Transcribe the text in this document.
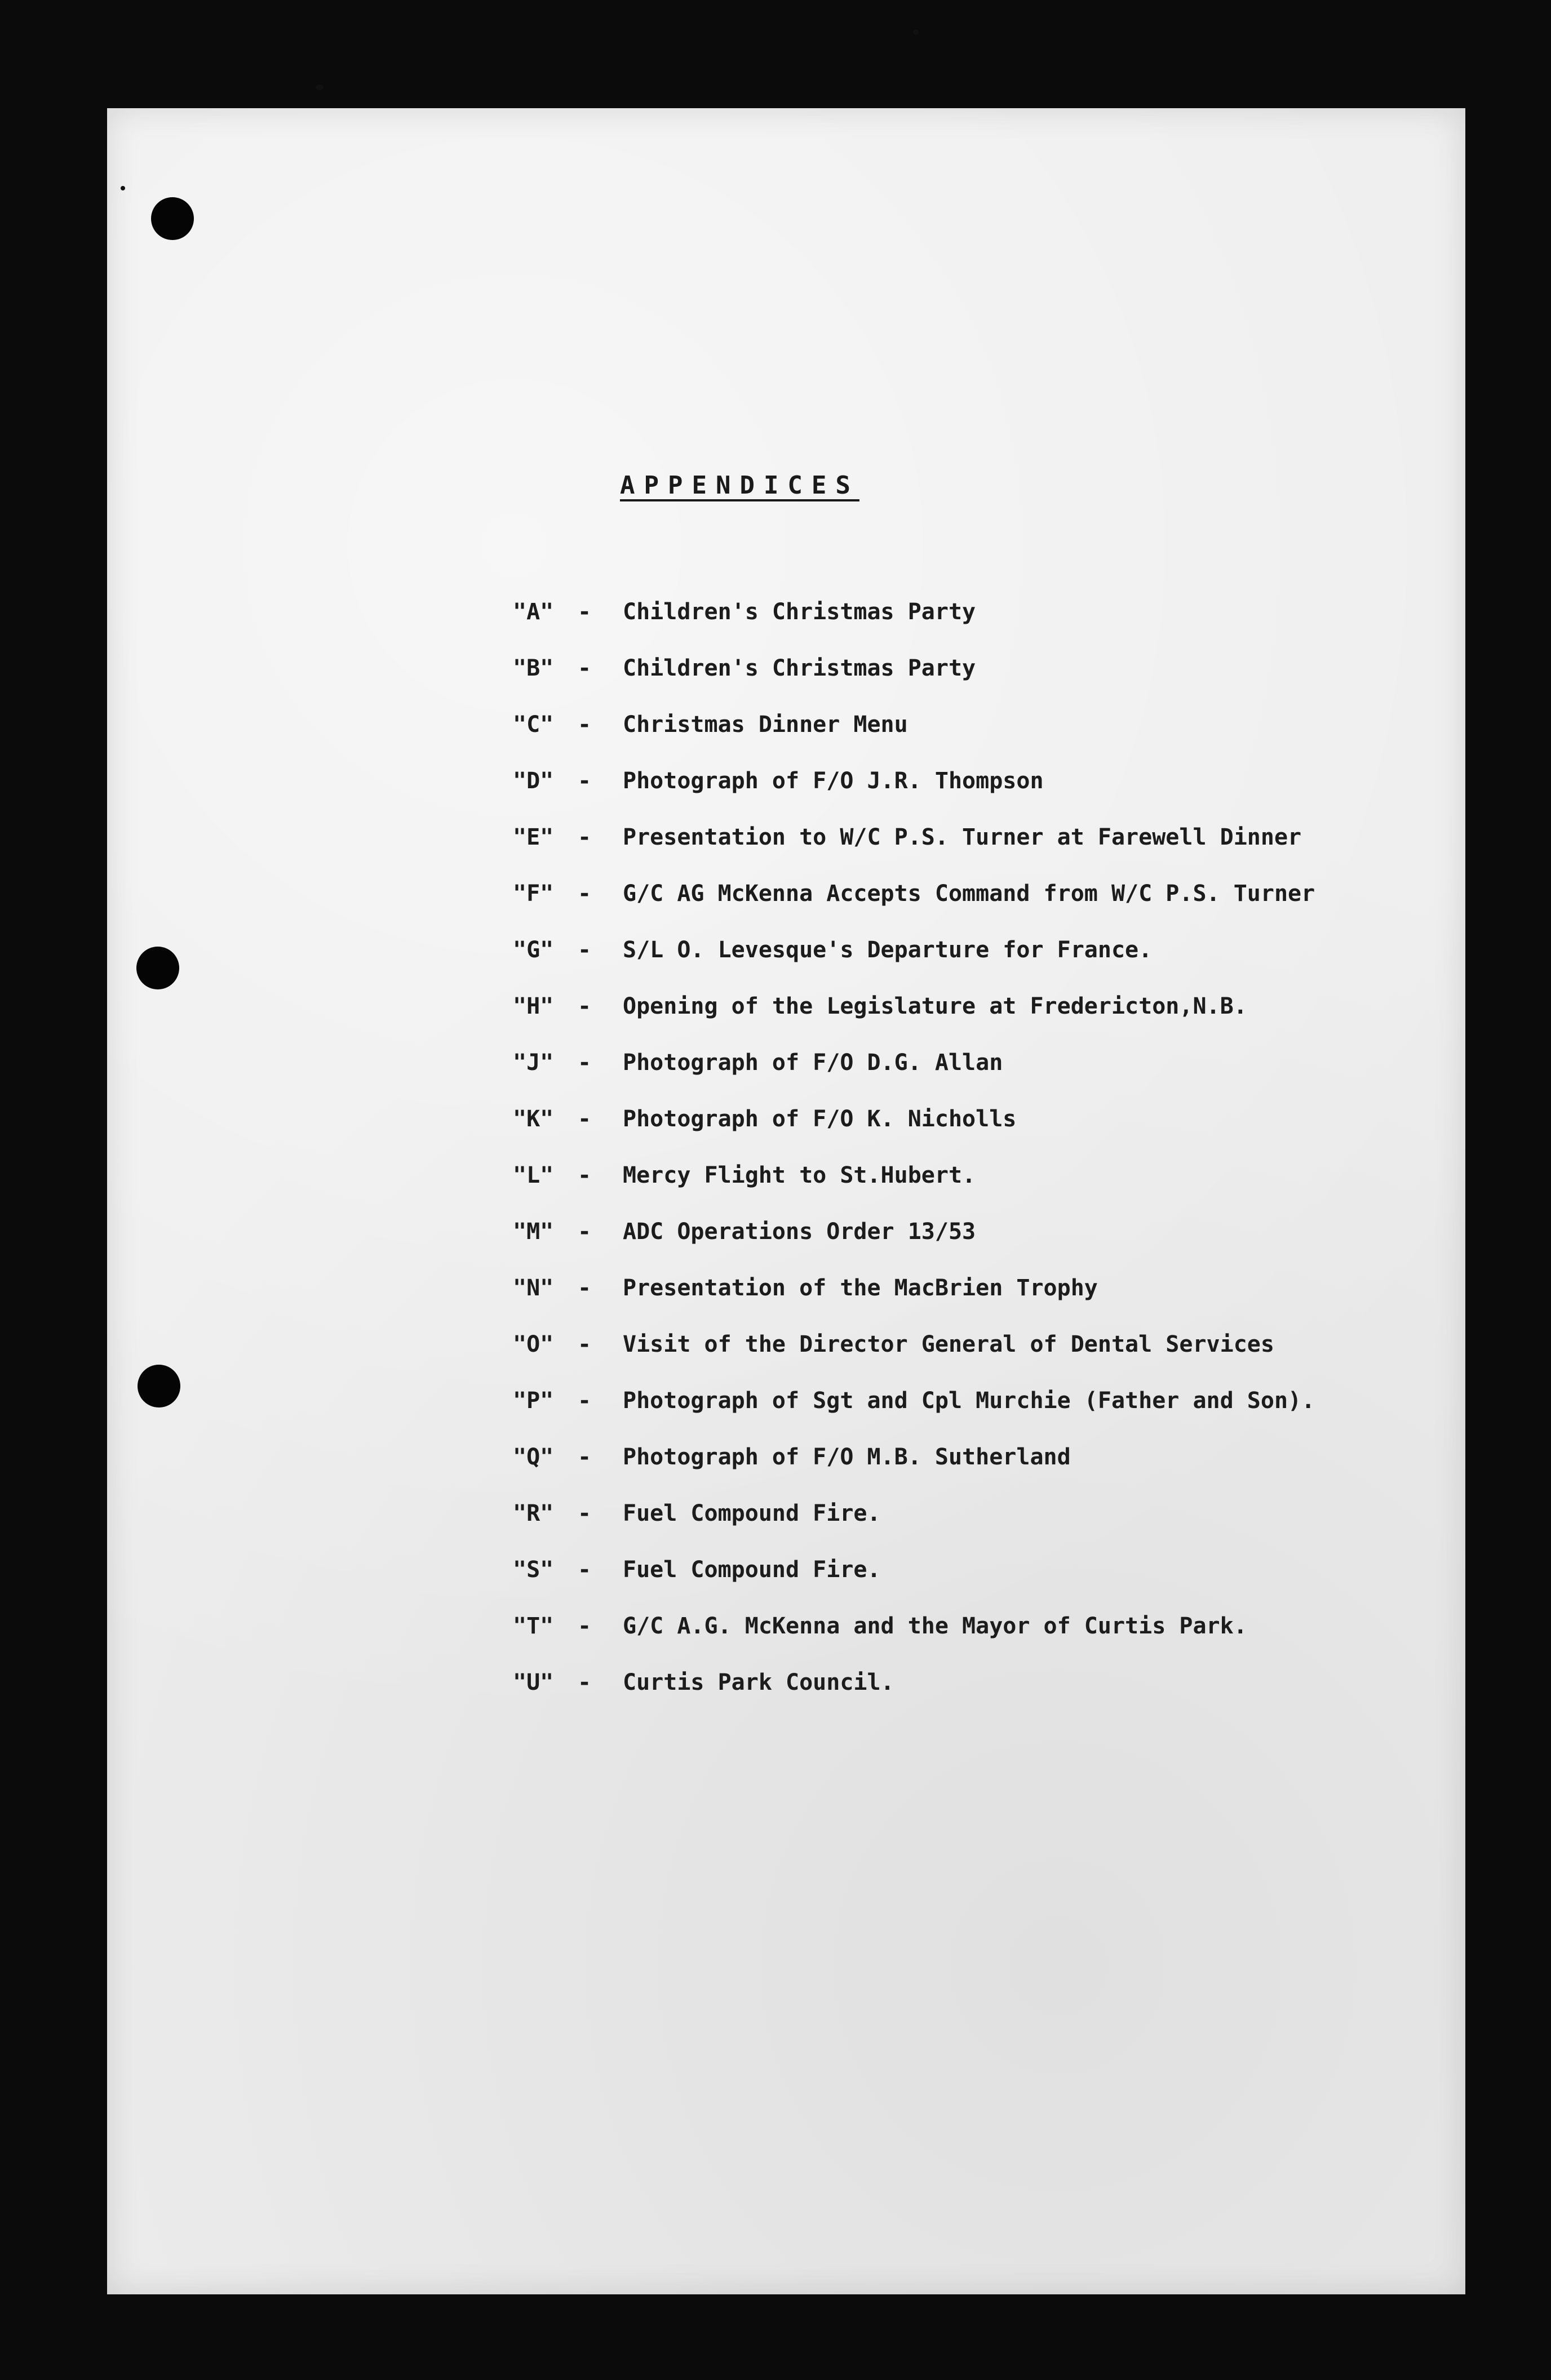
APPENDICES
"A"	-	Children's Christmas Party
"B"	-	Children's Christmas Party
"C"	-	Christmas Dinner Menu
"D"	-	Photograph of F/O J.R. Thompson
"E"	-	Presentation to W/C P.S. Turner at Farewell Dinner
"F"	-	G/C AG McKenna Accepts Command from W/C P.S. Turner
"G"	-	S/L O. Levesque's Departure for France.
"H"	-	Opening of the Legislature at Fredericton,N.B.
"J"	-	Photograph of F/O D.G. Allan
"K"	-	Photograph of F/O K. Nicholls
"L"	-	Mercy Flight to St.Hubert.
"M"	-	ADC Operations Order 13/53
"N"	-	Presentation of the MacBrien Trophy
"O"	-	Visit of the Director General of Dental Services
"P"	-	Photograph of Sgt and Cpl Murchie (Father and Son).
"Q"	-	Photograph of F/O M.B. Sutherland
"R"	-	Fuel Compound Fire.
"S"	-	Fuel Compound Fire.
"T"	-	G/C A.G. McKenna and the Mayor of Curtis Park.
"U"	-	Curtis Park Council.
